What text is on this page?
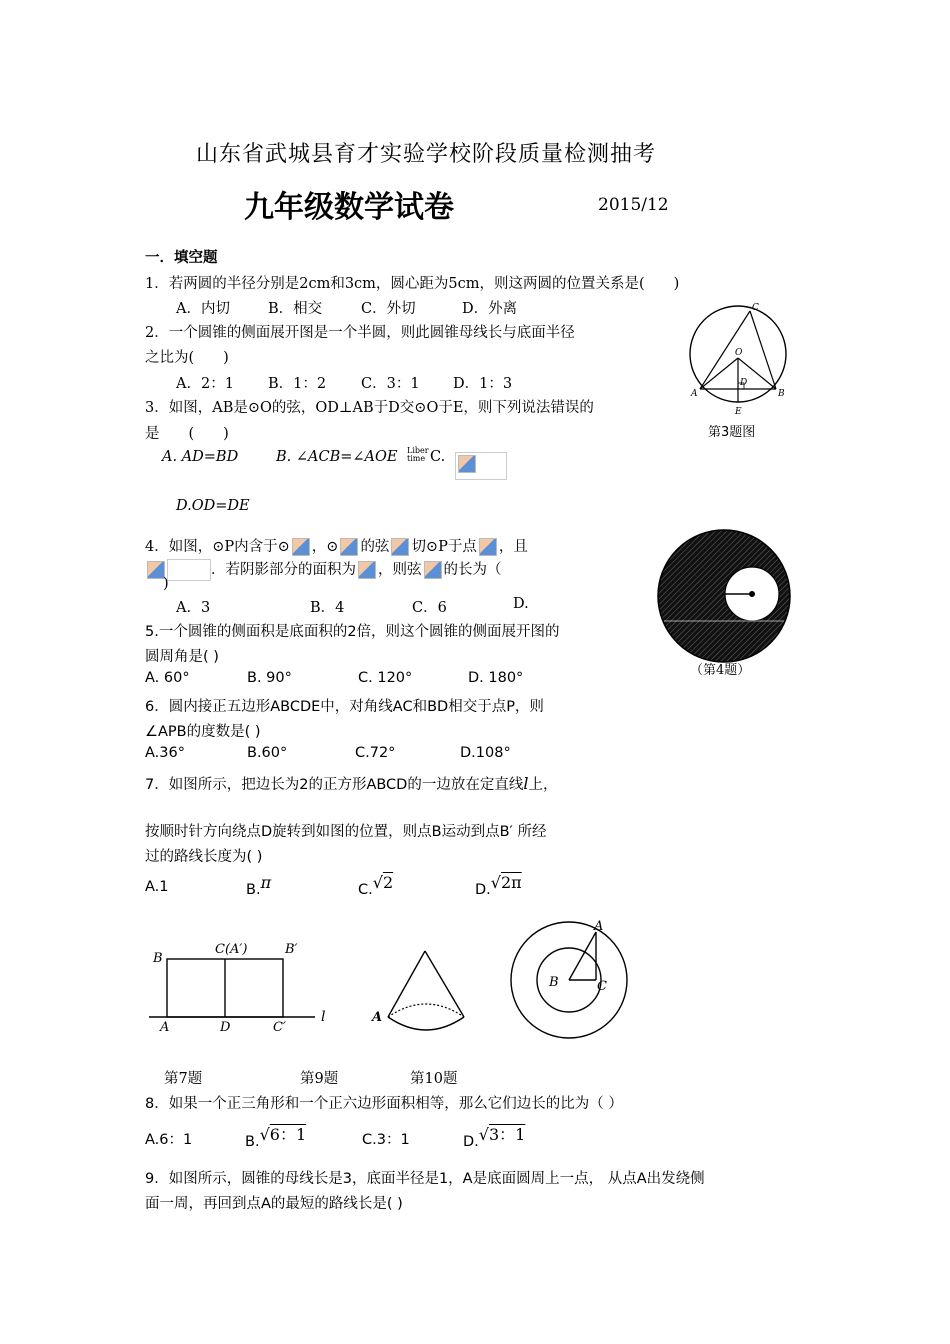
山东省武城县育才实验学校阶段质量检测抽考
九年级数学试卷	2015/12
一．填空题
1．若两圆的半径分别是2cm和3cm，圆心距为5cm，则这两圆的位置关系是(　　)
A．内切	B．相交	C．外切	D．外离
2．一个圆锥的侧面展开图是一个半圆，则此圆锥母线长与底面半径
之比为(　　)
A．2：1 B．1：2 C．3：1 D．1：3
C
O
D
A	B
E
第3题图
3．如图，AB是⊙O的弦，OD⊥AB于D交⊙O于E，则下列说法错误的
是　　(　　)
A. AD=BD	B. ∠ACB=∠AOE Liber
time C.
D.OD=DE
4．如图，⊙P内含于⊙ ，⊙ 的弦 切⊙P于点 ，且
．若阴影部分的面积为 ，则弦 的长为（
)
A．3	B．4	C．6	D.
（第4题）
5.一个圆锥的侧面积是底面积的2倍，则这个圆锥的侧面展开图的
圆周角是( )
A. 60°	B. 90°	C. 120°	D. 180°
6．圆内接正五边形ABCDE中，对角线AC和BD相交于点P，则
∠APB的度数是( )
A.36°	B.60°	C.72°	D.108°
7．如图所示，把边长为2的正方形ABCD的一边放在定直线l上，
按顺时针方向绕点D旋转到如图的位置，则点B运动到点B′ 所经
过的路线长度为( )
A.1	B.π	C.√2	D.√2π
B
C(A′)	B′
A	D	C′
l	A
A
B	C
第7题	第9题	第10题
8．如果一个正三角形和一个正六边形面积相等，那么它们边长的比为（ ）
A.6：1	B.√6：1	C.3：1	D.√3：1
9．如图所示，圆锥的母线长是3，底面半径是1，A是底面圆周上一点， 从点A出发绕侧
面一周，再回到点A的最短的路线长是( )
